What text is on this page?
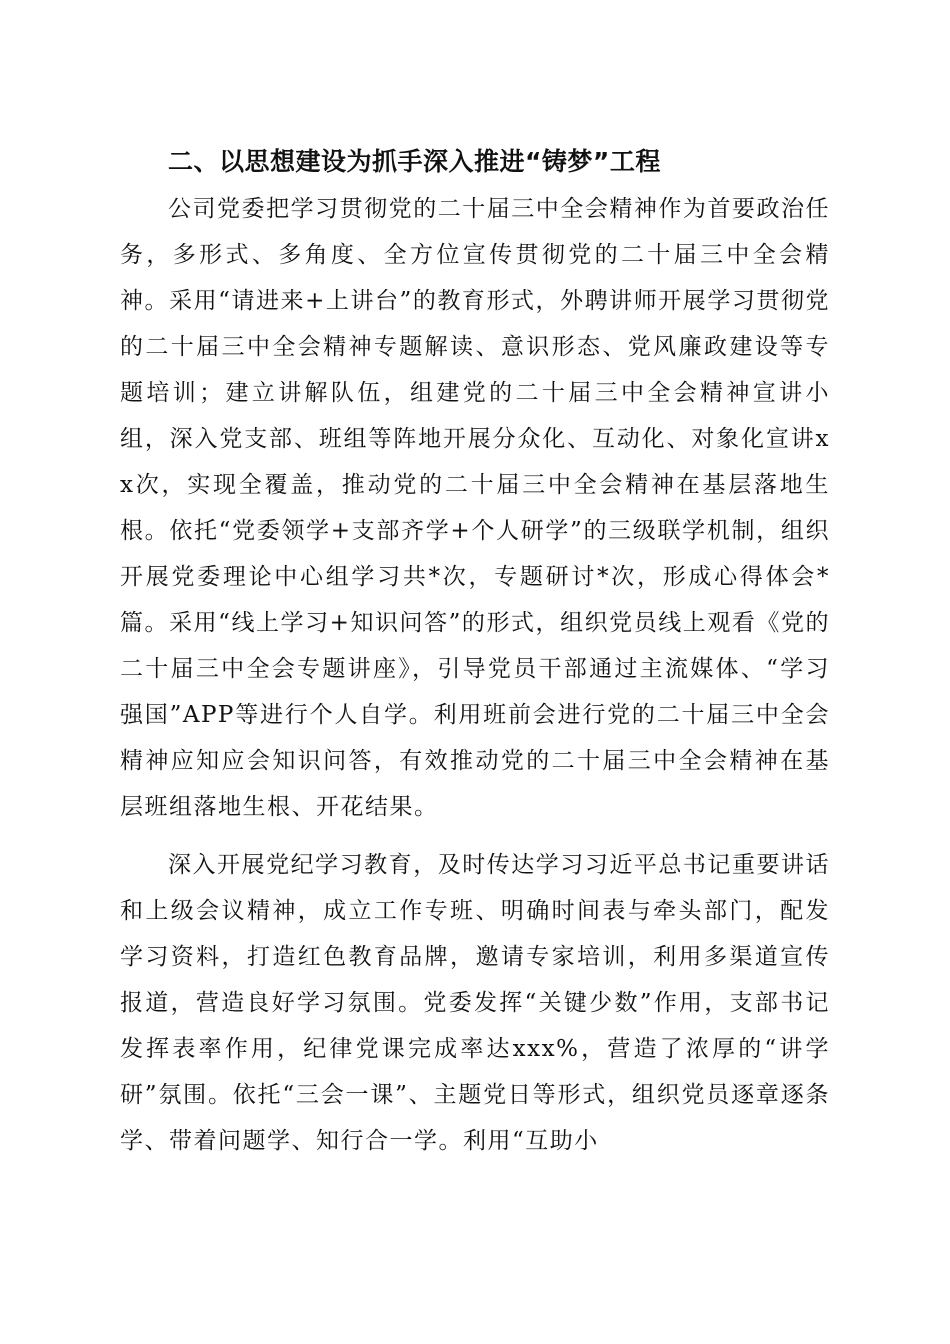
二、以思想建设为抓手深入推进“铸梦”工程

公司党委把学习贯彻党的二十届三中全会精神作为首要政治任务，多形式、多角度、全方位宣传贯彻党的二十届三中全会精神。采用“请进来+上讲台”的教育形式，外聘讲师开展学习贯彻党的二十届三中全会精神专题解读、意识形态、党风廉政建设等专题培训；建立讲解队伍，组建党的二十届三中全会精神宣讲小组，深入党支部、班组等阵地开展分众化、互动化、对象化宣讲xx次，实现全覆盖，推动党的二十届三中全会精神在基层落地生根。依托“党委领学+支部齐学+个人研学”的三级联学机制，组织开展党委理论中心组学习共*次，专题研讨*次，形成心得体会*篇。采用“线上学习+知识问答”的形式，组织党员线上观看《党的二十届三中全会专题讲座》，引导党员干部通过主流媒体、“学习强国”APP等进行个人自学。利用班前会进行党的二十届三中全会精神应知应会知识问答，有效推动党的二十届三中全会精神在基层班组落地生根、开花结果。

深入开展党纪学习教育，及时传达学习习近平总书记重要讲话和上级会议精神，成立工作专班、明确时间表与牵头部门，配发学习资料，打造红色教育品牌，邀请专家培训，利用多渠道宣传报道，营造良好学习氛围。党委发挥“关键少数”作用，支部书记发挥表率作用，纪律党课完成率达xxx%，营造了浓厚的“讲学研”氛围。依托“三会一课”、主题党日等形式，组织党员逐章逐条学、带着问题学、知行合一学。利用“互助小
